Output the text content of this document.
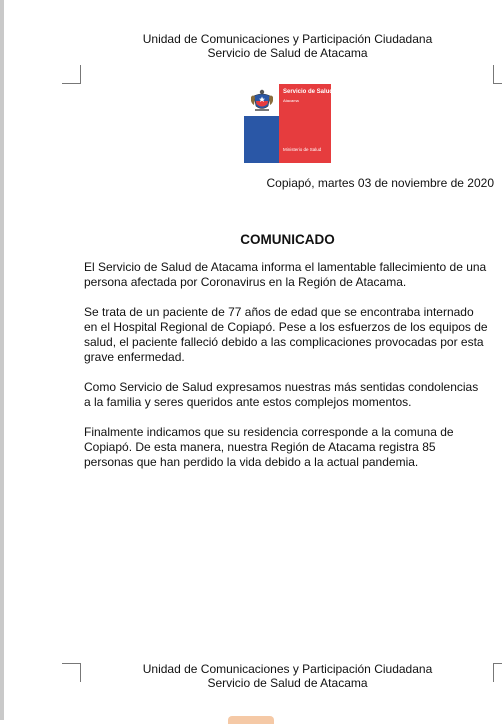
Unidad de Comunicaciones y Participación Ciudadana
Servicio de Salud de Atacama
Servicio de Salud
Atacama
Ministerio de Salud
Copiapó, martes 03 de noviembre de 2020
COMUNICADO

El Servicio de Salud de Atacama informa el lamentable fallecimiento de una persona afectada por Coronavirus en la Región de Atacama.

Se trata de un paciente de 77 años de edad que se encontraba internado en el Hospital Regional de Copiapó. Pese a los esfuerzos de los equipos de salud, el paciente falleció debido a las complicaciones provocadas por esta grave enfermedad.

Como Servicio de Salud expresamos nuestras más sentidas condolencias a la familia y seres queridos ante estos complejos momentos.

Finalmente indicamos que su residencia corresponde a la comuna de Copiapó. De esta manera, nuestra Región de Atacama registra 85 personas que han perdido la vida debido a la actual pandemia.

Unidad de Comunicaciones y Participación Ciudadana
Servicio de Salud de Atacama
